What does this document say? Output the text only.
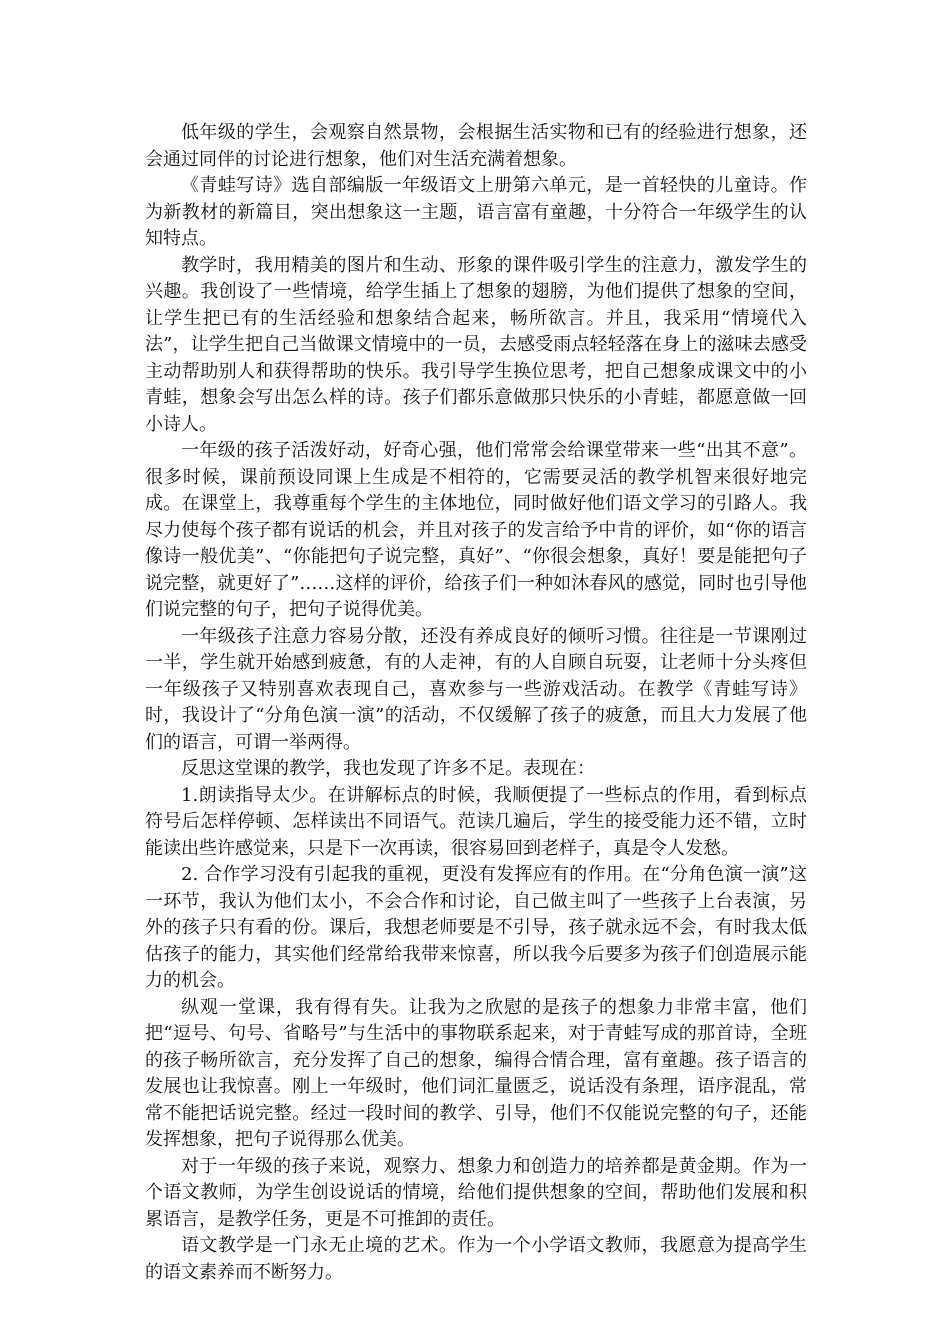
低年级的学生，会观察自然景物，会根据生活实物和已有的经验进行想象，还会通过同伴的讨论进行想象，他们对生活充满着想象。

《青蛙写诗》选自部编版一年级语文上册第六单元，是一首轻快的儿童诗。作为新教材的新篇目，突出想象这一主题，语言富有童趣，十分符合一年级学生的认知特点。

教学时，我用精美的图片和生动、形象的课件吸引学生的注意力，激发学生的兴趣。我创设了一些情境，给学生插上了想象的翅膀，为他们提供了想象的空间，让学生把已有的生活经验和想象结合起来，畅所欲言。并且，我采用“情境代入法”，让学生把自己当做课文情境中的一员，去感受雨点轻轻落在身上的滋味去感受主动帮助别人和获得帮助的快乐。我引导学生换位思考，把自己想象成课文中的小青蛙，想象会写出怎么样的诗。孩子们都乐意做那只快乐的小青蛙，都愿意做一回小诗人。

一年级的孩子活泼好动，好奇心强，他们常常会给课堂带来一些“出其不意”。很多时候，课前预设同课上生成是不相符的，它需要灵活的教学机智来很好地完成。在课堂上，我尊重每个学生的主体地位，同时做好他们语文学习的引路人。我尽力使每个孩子都有说话的机会，并且对孩子的发言给予中肯的评价，如“你的语言像诗一般优美”、“你能把句子说完整，真好”、“你很会想象，真好！要是能把句子说完整，就更好了”……这样的评价，给孩子们一种如沐春风的感觉，同时也引导他们说完整的句子，把句子说得优美。

一年级孩子注意力容易分散，还没有养成良好的倾听习惯。往往是一节课刚过一半，学生就开始感到疲惫，有的人走神，有的人自顾自玩耍，让老师十分头疼但一年级孩子又特别喜欢表现自己，喜欢参与一些游戏活动。在教学《青蛙写诗》时，我设计了“分角色演一演”的活动，不仅缓解了孩子的疲惫，而且大力发展了他们的语言，可谓一举两得。

反思这堂课的教学，我也发现了许多不足。表现在：

1.朗读指导太少。在讲解标点的时候，我顺便提了一些标点的作用，看到标点符号后怎样停顿、怎样读出不同语气。范读几遍后，学生的接受能力还不错，立时能读出些许感觉来，只是下一次再读，很容易回到老样子，真是令人发愁。

2. 合作学习没有引起我的重视，更没有发挥应有的作用。在“分角色演一演”这一环节，我认为他们太小，不会合作和讨论，自己做主叫了一些孩子上台表演，另外的孩子只有看的份。课后，我想老师要是不引导，孩子就永远不会，有时我太低估孩子的能力，其实他们经常给我带来惊喜，所以我今后要多为孩子们创造展示能力的机会。

纵观一堂课，我有得有失。让我为之欣慰的是孩子的想象力非常丰富，他们把“逗号、句号、省略号”与生活中的事物联系起来，对于青蛙写成的那首诗，全班的孩子畅所欲言，充分发挥了自己的想象，编得合情合理，富有童趣。孩子语言的发展也让我惊喜。刚上一年级时，他们词汇量匮乏，说话没有条理，语序混乱，常常不能把话说完整。经过一段时间的教学、引导，他们不仅能说完整的句子，还能发挥想象，把句子说得那么优美。

对于一年级的孩子来说，观察力、想象力和创造力的培养都是黄金期。作为一个语文教师，为学生创设说话的情境，给他们提供想象的空间，帮助他们发展和积累语言，是教学任务，更是不可推卸的责任。

语文教学是一门永无止境的艺术。作为一个小学语文教师，我愿意为提高学生的语文素养而不断努力。
